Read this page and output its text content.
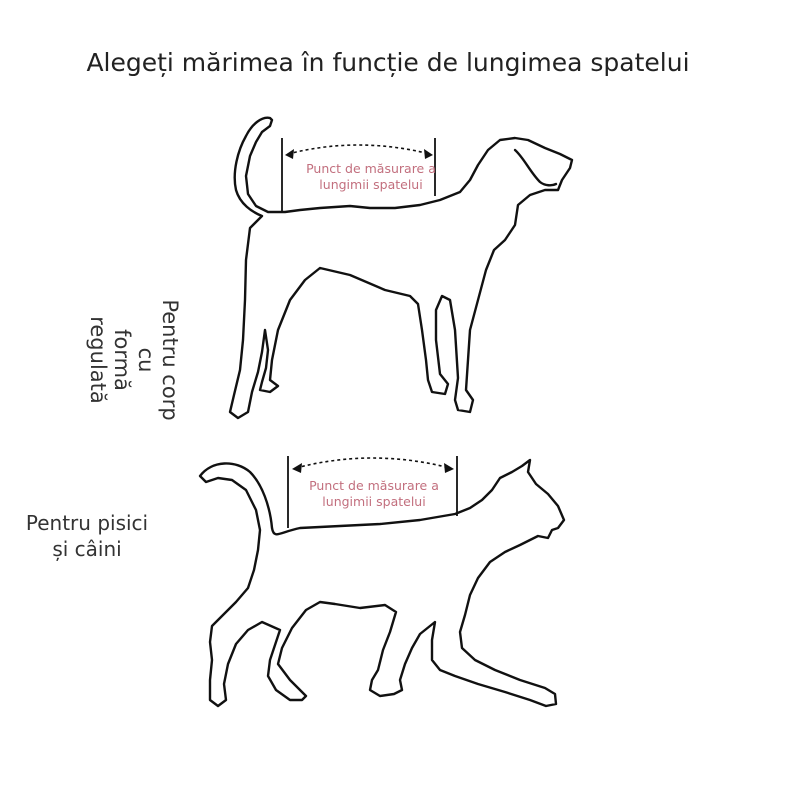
Alegeți mărimea în funcție de lungimea spatelui
Pentru corp cu
formă regulată
Pentru pisici
și câini
Punct de măsurare a
lungimii spatelui
Punct de măsurare a
lungimii spatelui
